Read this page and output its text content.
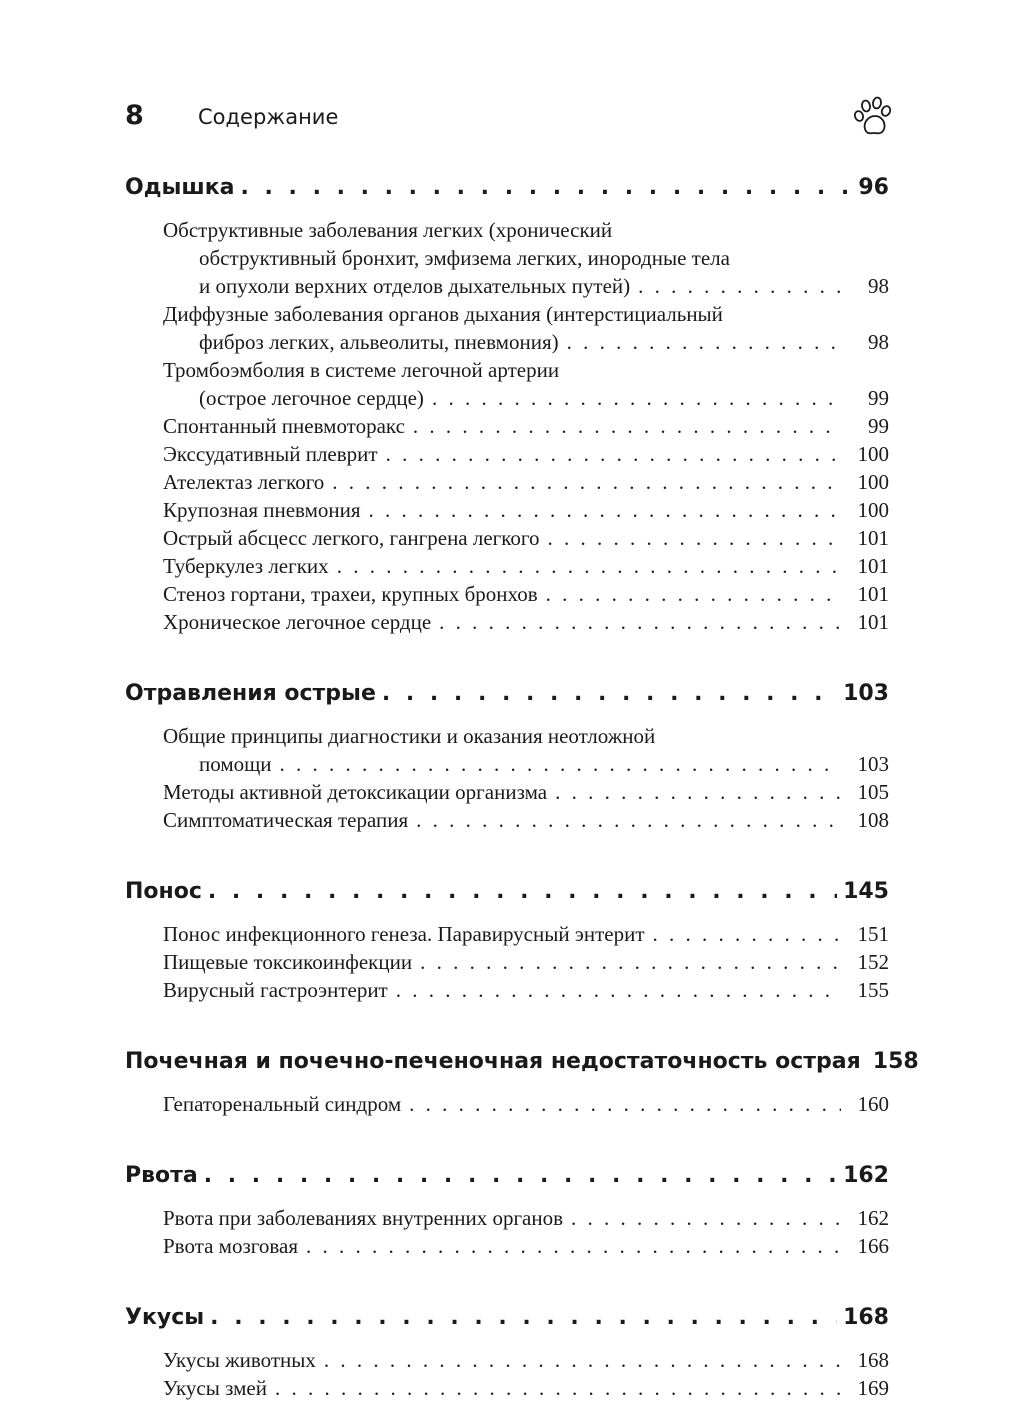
8	Содержание
Одышка . . .	96
Обструктивные заболевания легких (хронический
обструктивный бронхит, эмфизема легких, инородные тела
и опухоли верхних отделов дыхательных путей) . . .	98
Диффузные заболевания органов дыхания (интерстициальный
фиброз легких, альвеолиты, пневмония) . . .	98
Тромбоэмболия в системе легочной артерии
(острое легочное сердце) . . .	99
Спонтанный пневмоторакс . . .	99
Экссудативный плеврит . . .	100
Ателектаз легкого . . .	100
Крупозная пневмония . . .	100
Острый абсцесс легкого, гангрена легкого . . .	101
Туберкулез легких . . .	101
Стеноз гортани, трахеи, крупных бронхов . . .	101
Хроническое легочное сердце . . .	101
Отравления острые . . .	103
Общие принципы диагностики и оказания неотложной
помощи . . .	103
Методы активной детоксикации организма . . .	105
Симптоматическая терапия . . .	108
Понос . . .	145
Понос инфекционного генеза. Паравирусный энтерит . . .	151
Пищевые токсикоинфекции . . .	152
Вирусный гастроэнтерит . . .	155
Почечная и почечно-печеночная недостаточность острая 158
Гепаторенальный синдром . . .	160
Рвота . . .	162
Рвота при заболеваниях внутренних органов . . .	162
Рвота мозговая . . .	166
Укусы . . .	168
Укусы животных . . .	168
Укусы змей . . .	169
